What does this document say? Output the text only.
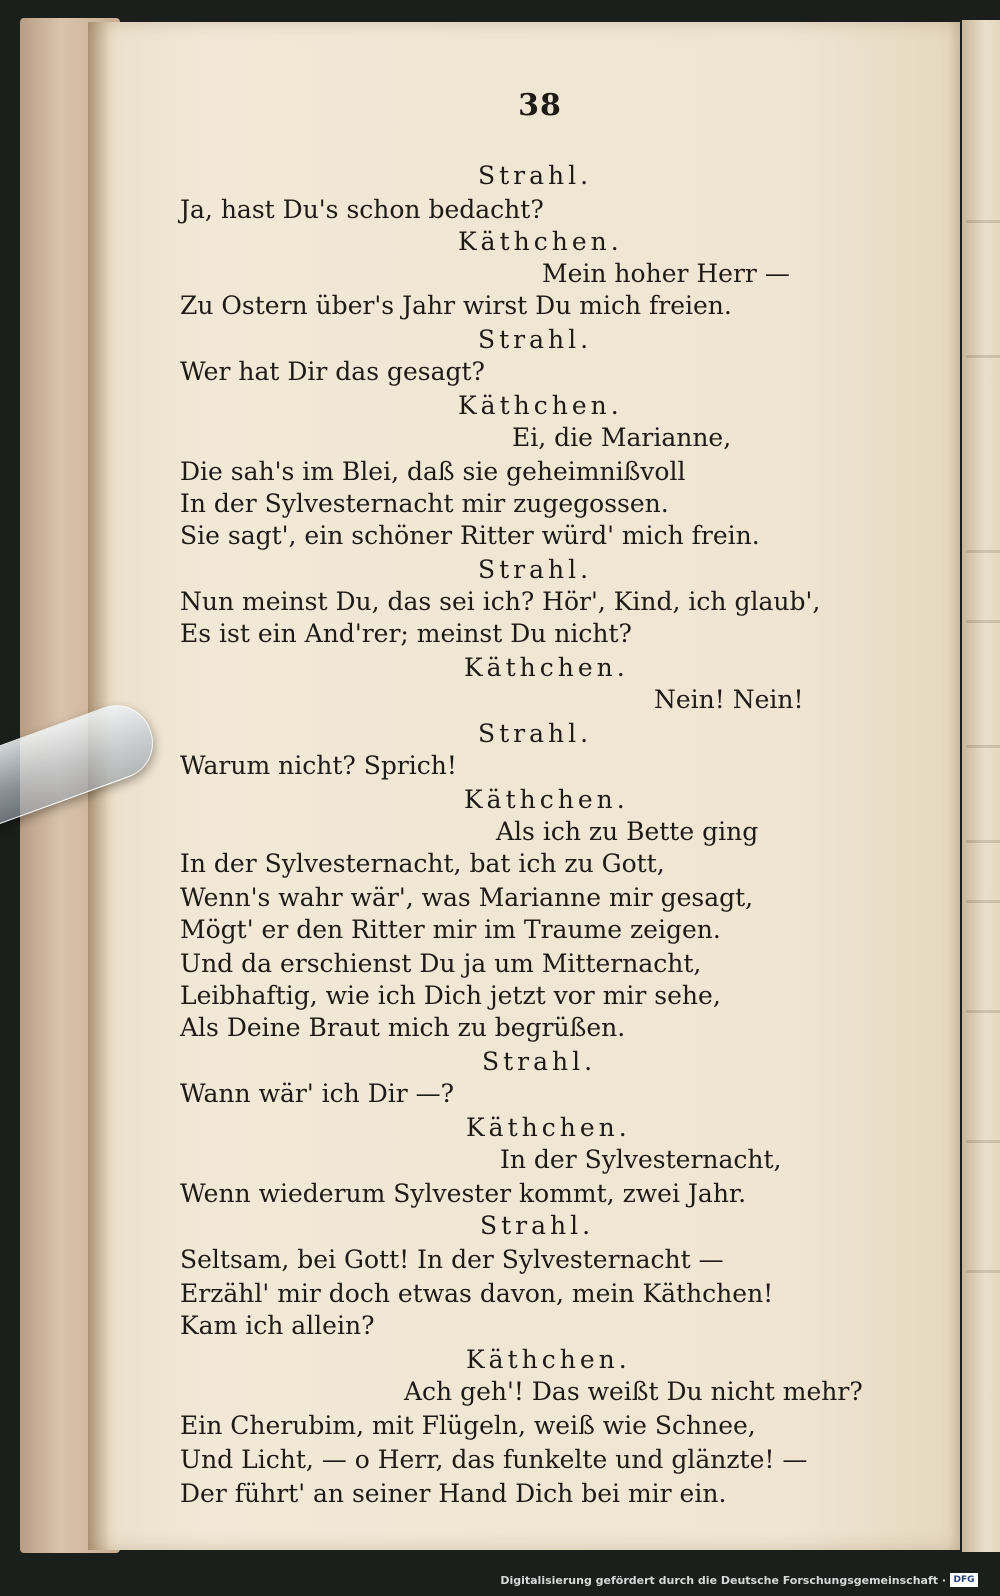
38
Strahl.
Ja, hast Du's schon bedacht?
Käthchen.
Mein hoher Herr —
Zu Ostern über's Jahr wirst Du mich freien.
Strahl.
Wer hat Dir das gesagt?
Käthchen.
Ei, die Marianne,
Die sah's im Blei, daß sie geheimnißvoll
In der Sylvesternacht mir zugegossen.
Sie sagt', ein schöner Ritter würd' mich frein.
Strahl.
Nun meinst Du, das sei ich? Hör', Kind, ich glaub',
Es ist ein And'rer; meinst Du nicht?
Käthchen.
Nein! Nein!
Strahl.
Warum nicht? Sprich!
Käthchen.
Als ich zu Bette ging
In der Sylvesternacht, bat ich zu Gott,
Wenn's wahr wär', was Marianne mir gesagt,
Mögt' er den Ritter mir im Traume zeigen.
Und da erschienst Du ja um Mitternacht,
Leibhaftig, wie ich Dich jetzt vor mir sehe,
Als Deine Braut mich zu begrüßen.
Strahl.
Wann wär' ich Dir —?
Käthchen.
In der Sylvesternacht,
Wenn wiederum Sylvester kommt, zwei Jahr.
Strahl.
Seltsam, bei Gott! In der Sylvesternacht —
Erzähl' mir doch etwas davon, mein Käthchen!
Kam ich allein?
Käthchen.
Ach geh'! Das weißt Du nicht mehr?
Ein Cherubim, mit Flügeln, weiß wie Schnee,
Und Licht, — o Herr, das funkelte und glänzte! —
Der führt' an seiner Hand Dich bei mir ein.
Digitalisierung gefördert durch die Deutsche Forschungsgemeinschaft · DFG
